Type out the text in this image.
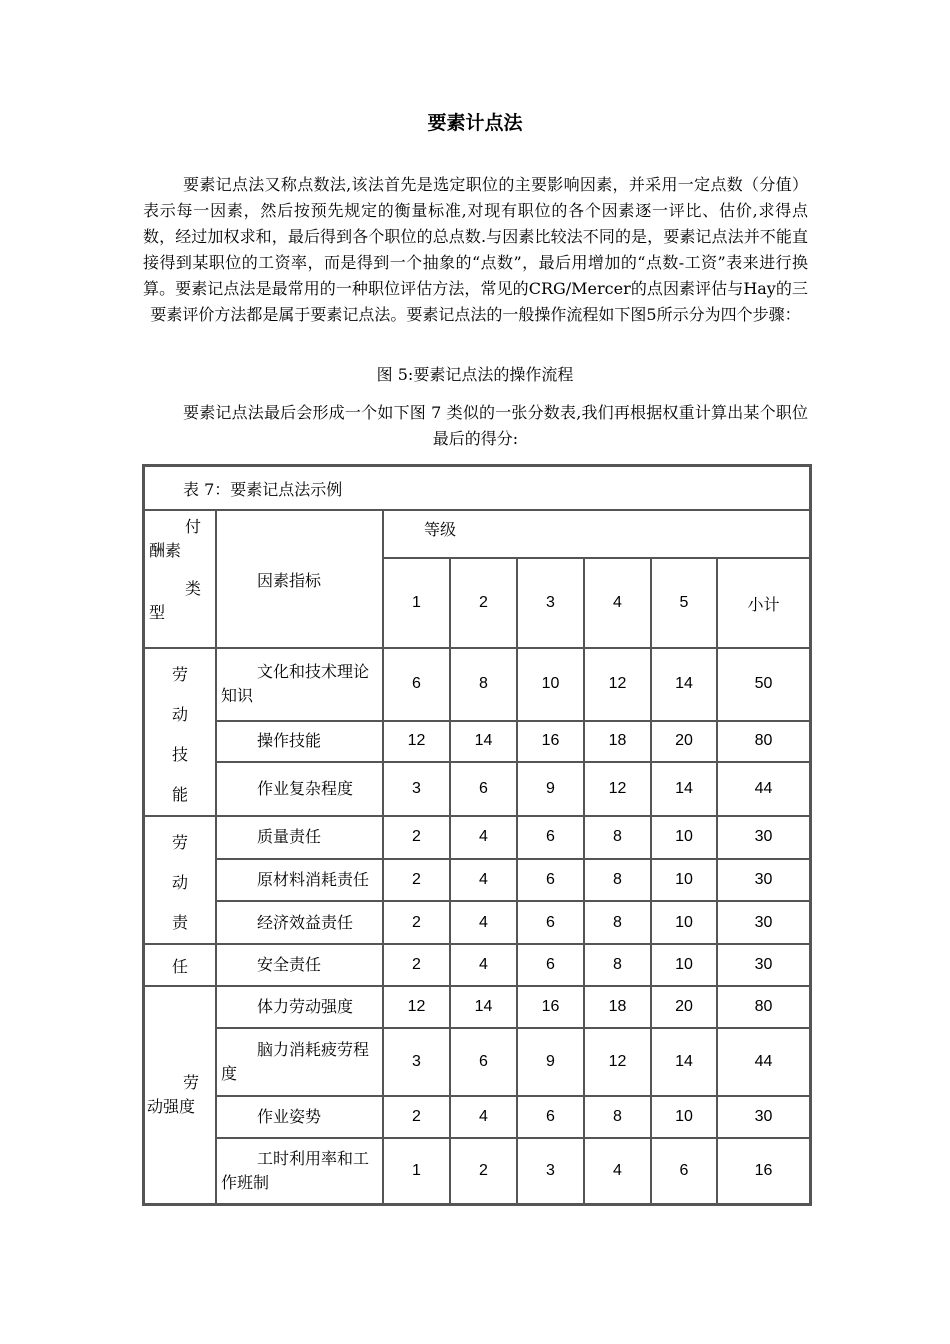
要素计点法
要素记点法又称点数法,该法首先是选定职位的主要影响因素，并采用一定点数（分值）表示每一因素，然后按预先规定的衡量标准,对现有职位的各个因素逐一评比、估价,求得点数，经过加权求和，最后得到各个职位的总点数.与因素比较法不同的是，要素记点法并不能直接得到某职位的工资率，而是得到一个抽象的“点数”，最后用增加的“点数-工资”表来进行换算。要素记点法是最常用的一种职位评估方法，常见的CRG/Mercer的点因素评估与Hay的三要素评价方法都是属于要素记点法。要素记点法的一般操作流程如下图5所示分为四个步骤：
图 5:要素记点法的操作流程
要素记点法最后会形成一个如下图 7 类似的一张分数表,我们再根据权重计算出某个职位最后的得分:
表 7：要素记点法示例							

付
酬素
类
型	因素指标	等级					
		1	2	3	4	5	小计

劳
动
技
能	文化和技术理论知识	6	8	10	12	14	50
	操作技能	12	14	16	18	20	80
	作业复杂程度	3	6	9	12	14	44

劳
动
责	质量责任	2	4	6	8	10	30
	原材料消耗责任	2	4	6	8	10	30
	经济效益责任	2	4	6	8	10	30
任	安全责任	2	4	6	8	10	30

劳
动强度	体力劳动强度	12	14	16	18	20	80
	脑力消耗疲劳程度	3	6	9	12	14	44
	作业姿势	2	4	6	8	10	30
	工时利用率和工作班制	1	2	3	4	6	16
